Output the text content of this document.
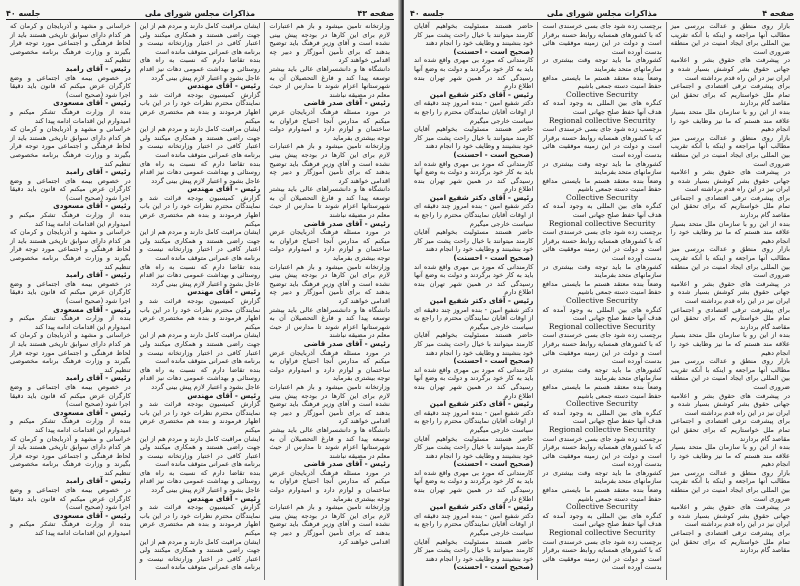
صفحه ۴۳
مذاکرات مجلس شورای ملی
جلسه ۴۰

وزارتخانه تامین میشود و باز هم اعتبارات لازم برای این کارها در بودجه پیش بینی نشده است و آقای وزیر فرهنگ باید توضیح بدهند که برای تأمین آموزگار و دبیر چه اقدامی خواهند کرد

دانشگاه ها و دانشسراهای عالی باید بیشتر توسعه پیدا کند و فارغ التحصیلان آن به شهرستانها اعزام شوند تا مدارس از حیث معلم در مضیقه نباشند

رئیس - آقای صدر قاضی

در مورد مسئله فرهنگ آذربایجان عرض میکنم که مدارس آنجا احتیاج فراوان به ساختمان و لوازم دارد و امیدوارم دولت توجه بیشتری بفرماید

وزارتخانه تامین میشود و باز هم اعتبارات لازم برای این کارها در بودجه پیش بینی نشده است و آقای وزیر فرهنگ باید توضیح بدهند که برای تأمین آموزگار و دبیر چه اقدامی خواهند کرد

دانشگاه ها و دانشسراهای عالی باید بیشتر توسعه پیدا کند و فارغ التحصیلان آن به شهرستانها اعزام شوند تا مدارس از حیث معلم در مضیقه نباشند

رئیس - آقای صدر قاضی

در مورد مسئله فرهنگ آذربایجان عرض میکنم که مدارس آنجا احتیاج فراوان به ساختمان و لوازم دارد و امیدوارم دولت توجه بیشتری بفرماید

وزارتخانه تامین میشود و باز هم اعتبارات لازم برای این کارها در بودجه پیش بینی نشده است و آقای وزیر فرهنگ باید توضیح بدهند که برای تأمین آموزگار و دبیر چه اقدامی خواهند کرد

دانشگاه ها و دانشسراهای عالی باید بیشتر توسعه پیدا کند و فارغ التحصیلان آن به شهرستانها اعزام شوند تا مدارس از حیث معلم در مضیقه نباشند

رئیس - آقای صدر قاضی

در مورد مسئله فرهنگ آذربایجان عرض میکنم که مدارس آنجا احتیاج فراوان به ساختمان و لوازم دارد و امیدوارم دولت توجه بیشتری بفرماید

وزارتخانه تامین میشود و باز هم اعتبارات لازم برای این کارها در بودجه پیش بینی نشده است و آقای وزیر فرهنگ باید توضیح بدهند که برای تأمین آموزگار و دبیر چه اقدامی خواهند کرد

دانشگاه ها و دانشسراهای عالی باید بیشتر توسعه پیدا کند و فارغ التحصیلان آن به شهرستانها اعزام شوند تا مدارس از حیث معلم در مضیقه نباشند

رئیس - آقای صدر قاضی

در مورد مسئله فرهنگ آذربایجان عرض میکنم که مدارس آنجا احتیاج فراوان به ساختمان و لوازم دارد و امیدوارم دولت توجه بیشتری بفرماید

وزارتخانه تامین میشود و باز هم اعتبارات لازم برای این کارها در بودجه پیش بینی نشده است و آقای وزیر فرهنگ باید توضیح بدهند که برای تأمین آموزگار و دبیر چه اقدامی خواهند کرد

ایشان مراقبت کامل دارند و مردم هم از این جهت راضی هستند و همکاری میکنند ولی اعتبار کافی در اختیار وزارتخانه نیست و برنامه های عمرانی متوقف مانده است

بنده تقاضا دارم که نسبت به راه های روستائی و بهداشت عمومی دهات نیز اقدام عاجل بشود و اعتبار لازم پیش بینی گردد

رئیس - آقای مهندس

گزارش کمیسیون بودجه قرائت شد و نمایندگان محترم نظرات خود را در این باب اظهار فرمودند و بنده هم مختصری عرض میکنم

ایشان مراقبت کامل دارند و مردم هم از این جهت راضی هستند و همکاری میکنند ولی اعتبار کافی در اختیار وزارتخانه نیست و برنامه های عمرانی متوقف مانده است

بنده تقاضا دارم که نسبت به راه های روستائی و بهداشت عمومی دهات نیز اقدام عاجل بشود و اعتبار لازم پیش بینی گردد

رئیس - آقای مهندس

گزارش کمیسیون بودجه قرائت شد و نمایندگان محترم نظرات خود را در این باب اظهار فرمودند و بنده هم مختصری عرض میکنم

ایشان مراقبت کامل دارند و مردم هم از این جهت راضی هستند و همکاری میکنند ولی اعتبار کافی در اختیار وزارتخانه نیست و برنامه های عمرانی متوقف مانده است

بنده تقاضا دارم که نسبت به راه های روستائی و بهداشت عمومی دهات نیز اقدام عاجل بشود و اعتبار لازم پیش بینی گردد

رئیس - آقای مهندس

گزارش کمیسیون بودجه قرائت شد و نمایندگان محترم نظرات خود را در این باب اظهار فرمودند و بنده هم مختصری عرض میکنم

ایشان مراقبت کامل دارند و مردم هم از این جهت راضی هستند و همکاری میکنند ولی اعتبار کافی در اختیار وزارتخانه نیست و برنامه های عمرانی متوقف مانده است

بنده تقاضا دارم که نسبت به راه های روستائی و بهداشت عمومی دهات نیز اقدام عاجل بشود و اعتبار لازم پیش بینی گردد

رئیس - آقای مهندس

گزارش کمیسیون بودجه قرائت شد و نمایندگان محترم نظرات خود را در این باب اظهار فرمودند و بنده هم مختصری عرض میکنم

ایشان مراقبت کامل دارند و مردم هم از این جهت راضی هستند و همکاری میکنند ولی اعتبار کافی در اختیار وزارتخانه نیست و برنامه های عمرانی متوقف مانده است

بنده تقاضا دارم که نسبت به راه های روستائی و بهداشت عمومی دهات نیز اقدام عاجل بشود و اعتبار لازم پیش بینی گردد

رئیس - آقای مهندس

گزارش کمیسیون بودجه قرائت شد و نمایندگان محترم نظرات خود را در این باب اظهار فرمودند و بنده هم مختصری عرض میکنم

ایشان مراقبت کامل دارند و مردم هم از این جهت راضی هستند و همکاری میکنند ولی اعتبار کافی در اختیار وزارتخانه نیست و برنامه های عمرانی متوقف مانده است

خراسانی و مشهد و آذربایجان و کرمان که هر کدام دارای سوابق تاریخی هستند باید از لحاظ فرهنگی و اجتماعی مورد توجه قرار بگیرند و وزارت فرهنگ برنامه مخصوصی تنظیم کند

رئیس - آقای رامبد

در خصوص بیمه های اجتماعی و وضع کارگران عرض میکنم که قانون باید دقیقا اجرا شود (صحیح است)

رئیس - آقای مسعودی

بنده از وزارت فرهنگ تشکر میکنم و امیدوارم این اقدامات ادامه پیدا کند

خراسانی و مشهد و آذربایجان و کرمان که هر کدام دارای سوابق تاریخی هستند باید از لحاظ فرهنگی و اجتماعی مورد توجه قرار بگیرند و وزارت فرهنگ برنامه مخصوصی تنظیم کند

رئیس - آقای رامبد

در خصوص بیمه های اجتماعی و وضع کارگران عرض میکنم که قانون باید دقیقا اجرا شود (صحیح است)

رئیس - آقای مسعودی

بنده از وزارت فرهنگ تشکر میکنم و امیدوارم این اقدامات ادامه پیدا کند

خراسانی و مشهد و آذربایجان و کرمان که هر کدام دارای سوابق تاریخی هستند باید از لحاظ فرهنگی و اجتماعی مورد توجه قرار بگیرند و وزارت فرهنگ برنامه مخصوصی تنظیم کند

رئیس - آقای رامبد

در خصوص بیمه های اجتماعی و وضع کارگران عرض میکنم که قانون باید دقیقا اجرا شود (صحیح است)

رئیس - آقای مسعودی

بنده از وزارت فرهنگ تشکر میکنم و امیدوارم این اقدامات ادامه پیدا کند

خراسانی و مشهد و آذربایجان و کرمان که هر کدام دارای سوابق تاریخی هستند باید از لحاظ فرهنگی و اجتماعی مورد توجه قرار بگیرند و وزارت فرهنگ برنامه مخصوصی تنظیم کند

رئیس - آقای رامبد

در خصوص بیمه های اجتماعی و وضع کارگران عرض میکنم که قانون باید دقیقا اجرا شود (صحیح است)

رئیس - آقای مسعودی

بنده از وزارت فرهنگ تشکر میکنم و امیدوارم این اقدامات ادامه پیدا کند

خراسانی و مشهد و آذربایجان و کرمان که هر کدام دارای سوابق تاریخی هستند باید از لحاظ فرهنگی و اجتماعی مورد توجه قرار بگیرند و وزارت فرهنگ برنامه مخصوصی تنظیم کند

رئیس - آقای رامبد

در خصوص بیمه های اجتماعی و وضع کارگران عرض میکنم که قانون باید دقیقا اجرا شود (صحیح است)

رئیس - آقای مسعودی

بنده از وزارت فرهنگ تشکر میکنم و امیدوارم این اقدامات ادامه پیدا کند

صفحه ۴
مذاکرات مجلس شورای ملی
جلسه ۴۰

بازار روی منطق و عدالت بررسی میز مطالب آنها مراجعه و اینکه با آنکه تقریب بین المللی برای ایجاد امنیت در این منطقه ضروری است

در پیشرفت های حقوق بشر و اعلامیه جهانی حقوق بشر کوشش بسیار شده و ایران نیز در این راه قدم برداشته است

برای پیشرفت ترقی اقتصادی و اجتماعی تمام ملل خواستاریم که برای تحقق این مقاصد گام بردارند

بنده از این رو با سازمان ملل متحد بسیار علاقه مند هستم که ما نیز وظایف خود را انجام دهیم

بازار روی منطق و عدالت بررسی میز مطالب آنها مراجعه و اینکه با آنکه تقریب بین المللی برای ایجاد امنیت در این منطقه ضروری است

در پیشرفت های حقوق بشر و اعلامیه جهانی حقوق بشر کوشش بسیار شده و ایران نیز در این راه قدم برداشته است

برای پیشرفت ترقی اقتصادی و اجتماعی تمام ملل خواستاریم که برای تحقق این مقاصد گام بردارند

بنده از این رو با سازمان ملل متحد بسیار علاقه مند هستم که ما نیز وظایف خود را انجام دهیم

بازار روی منطق و عدالت بررسی میز مطالب آنها مراجعه و اینکه با آنکه تقریب بین المللی برای ایجاد امنیت در این منطقه ضروری است

در پیشرفت های حقوق بشر و اعلامیه جهانی حقوق بشر کوشش بسیار شده و ایران نیز در این راه قدم برداشته است

برای پیشرفت ترقی اقتصادی و اجتماعی تمام ملل خواستاریم که برای تحقق این مقاصد گام بردارند

بنده از این رو با سازمان ملل متحد بسیار علاقه مند هستم که ما نیز وظایف خود را انجام دهیم

بازار روی منطق و عدالت بررسی میز مطالب آنها مراجعه و اینکه با آنکه تقریب بین المللی برای ایجاد امنیت در این منطقه ضروری است

در پیشرفت های حقوق بشر و اعلامیه جهانی حقوق بشر کوشش بسیار شده و ایران نیز در این راه قدم برداشته است

برای پیشرفت ترقی اقتصادی و اجتماعی تمام ملل خواستاریم که برای تحقق این مقاصد گام بردارند

بنده از این رو با سازمان ملل متحد بسیار علاقه مند هستم که ما نیز وظایف خود را انجام دهیم

بازار روی منطق و عدالت بررسی میز مطالب آنها مراجعه و اینکه با آنکه تقریب بین المللی برای ایجاد امنیت در این منطقه ضروری است

در پیشرفت های حقوق بشر و اعلامیه جهانی حقوق بشر کوشش بسیار شده و ایران نیز در این راه قدم برداشته است

برای پیشرفت ترقی اقتصادی و اجتماعی تمام ملل خواستاریم که برای تحقق این مقاصد گام بردارند

برچسب زده شود جای بسی خرسندی است که با کشورهای همسایه روابط حسنه برقرار است و دولت در این زمینه موفقیت هائی بدست آورده است

کشورهای ما باید توجه وقت بیشتری در سازمانهای متحد بفرمایند

وضعاً بنده معتقد هستم ما بایستی مدافع حفظ امنیت دسته جمعی باشیم

Collective Security

کنگره های بین المللی به وجود آمده که هدف آنها حفظ صلح جهانی است

Regional collective Security

برچسب زده شود جای بسی خرسندی است که با کشورهای همسایه روابط حسنه برقرار است و دولت در این زمینه موفقیت هائی بدست آورده است

کشورهای ما باید توجه وقت بیشتری در سازمانهای متحد بفرمایند

وضعاً بنده معتقد هستم ما بایستی مدافع حفظ امنیت دسته جمعی باشیم

Collective Security

کنگره های بین المللی به وجود آمده که هدف آنها حفظ صلح جهانی است

Regional collective Security

برچسب زده شود جای بسی خرسندی است که با کشورهای همسایه روابط حسنه برقرار است و دولت در این زمینه موفقیت هائی بدست آورده است

کشورهای ما باید توجه وقت بیشتری در سازمانهای متحد بفرمایند

وضعاً بنده معتقد هستم ما بایستی مدافع حفظ امنیت دسته جمعی باشیم

Collective Security

کنگره های بین المللی به وجود آمده که هدف آنها حفظ صلح جهانی است

Regional collective Security

برچسب زده شود جای بسی خرسندی است که با کشورهای همسایه روابط حسنه برقرار است و دولت در این زمینه موفقیت هائی بدست آورده است

کشورهای ما باید توجه وقت بیشتری در سازمانهای متحد بفرمایند

وضعاً بنده معتقد هستم ما بایستی مدافع حفظ امنیت دسته جمعی باشیم

Collective Security

کنگره های بین المللی به وجود آمده که هدف آنها حفظ صلح جهانی است

Regional collective Security

برچسب زده شود جای بسی خرسندی است که با کشورهای همسایه روابط حسنه برقرار است و دولت در این زمینه موفقیت هائی بدست آورده است

کشورهای ما باید توجه وقت بیشتری در سازمانهای متحد بفرمایند

وضعاً بنده معتقد هستم ما بایستی مدافع حفظ امنیت دسته جمعی باشیم

Collective Security

کنگره های بین المللی به وجود آمده که هدف آنها حفظ صلح جهانی است

Regional collective Security

برچسب زده شود جای بسی خرسندی است که با کشورهای همسایه روابط حسنه برقرار است و دولت در این زمینه موفقیت هائی بدست آورده است

حاضر هستند مسئولیت بخواهیم آقایان کارمند میتوانند با خیال راحت پشت میز کار خود بنشینند و وظایف خود را انجام دهند

(صحیح است - احسنت)

کارمندانی که مورد بی مهری واقع شده اند باید به کار خود برگردند و دولت به وضع آنها رسیدگی کند در همین شهر تهران بنده اطلاع دارم

رئیس - آقای دکتر شفیع امین

دکتر شفیع امین - بنده امروز چند دقیقه ای از اوقات آقایان نمایندگان محترم را راجع به سیاست خارجی میگیرم

حاضر هستند مسئولیت بخواهیم آقایان کارمند میتوانند با خیال راحت پشت میز کار خود بنشینند و وظایف خود را انجام دهند

(صحیح است - احسنت)

کارمندانی که مورد بی مهری واقع شده اند باید به کار خود برگردند و دولت به وضع آنها رسیدگی کند در همین شهر تهران بنده اطلاع دارم

رئیس - آقای دکتر شفیع امین

دکتر شفیع امین - بنده امروز چند دقیقه ای از اوقات آقایان نمایندگان محترم را راجع به سیاست خارجی میگیرم

حاضر هستند مسئولیت بخواهیم آقایان کارمند میتوانند با خیال راحت پشت میز کار خود بنشینند و وظایف خود را انجام دهند

(صحیح است - احسنت)

کارمندانی که مورد بی مهری واقع شده اند باید به کار خود برگردند و دولت به وضع آنها رسیدگی کند در همین شهر تهران بنده اطلاع دارم

رئیس - آقای دکتر شفیع امین

دکتر شفیع امین - بنده امروز چند دقیقه ای از اوقات آقایان نمایندگان محترم را راجع به سیاست خارجی میگیرم

حاضر هستند مسئولیت بخواهیم آقایان کارمند میتوانند با خیال راحت پشت میز کار خود بنشینند و وظایف خود را انجام دهند

(صحیح است - احسنت)

کارمندانی که مورد بی مهری واقع شده اند باید به کار خود برگردند و دولت به وضع آنها رسیدگی کند در همین شهر تهران بنده اطلاع دارم

رئیس - آقای دکتر شفیع امین

دکتر شفیع امین - بنده امروز چند دقیقه ای از اوقات آقایان نمایندگان محترم را راجع به سیاست خارجی میگیرم

حاضر هستند مسئولیت بخواهیم آقایان کارمند میتوانند با خیال راحت پشت میز کار خود بنشینند و وظایف خود را انجام دهند

(صحیح است - احسنت)

کارمندانی که مورد بی مهری واقع شده اند باید به کار خود برگردند و دولت به وضع آنها رسیدگی کند در همین شهر تهران بنده اطلاع دارم

رئیس - آقای دکتر شفیع امین

دکتر شفیع امین - بنده امروز چند دقیقه ای از اوقات آقایان نمایندگان محترم را راجع به سیاست خارجی میگیرم

حاضر هستند مسئولیت بخواهیم آقایان کارمند میتوانند با خیال راحت پشت میز کار خود بنشینند و وظایف خود را انجام دهند

(صحیح است - احسنت)
